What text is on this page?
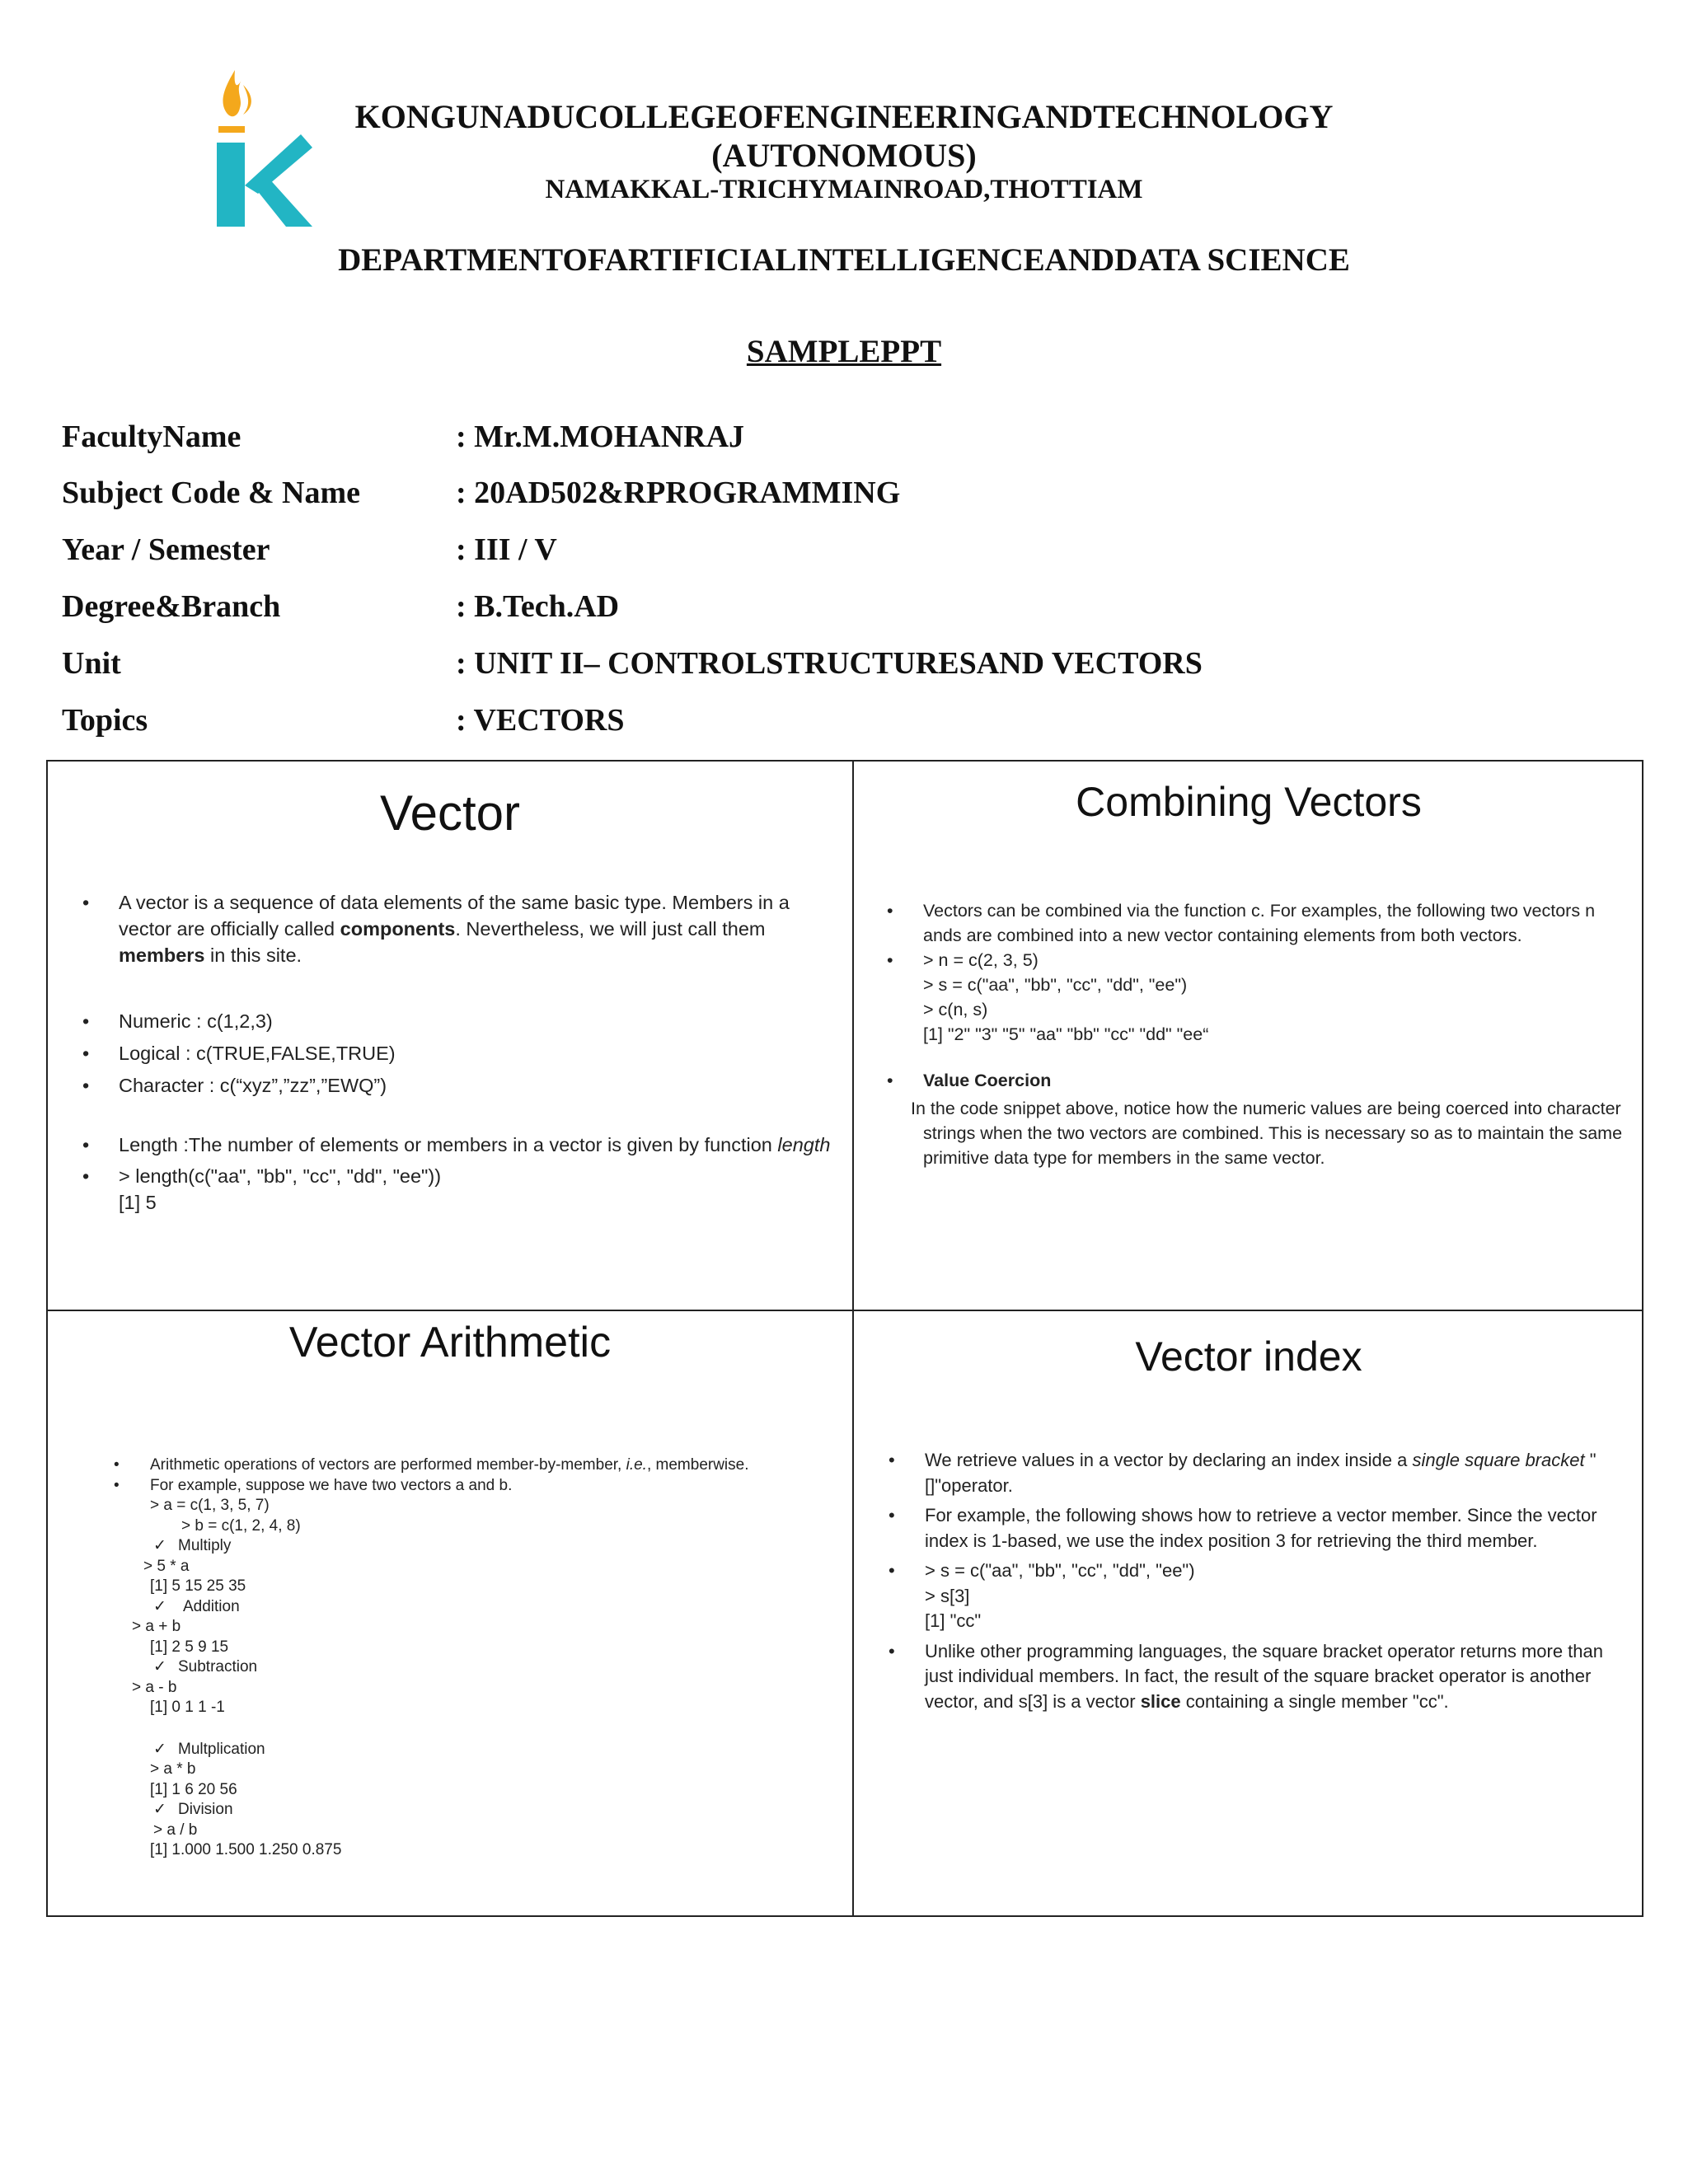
KONGUNADUCOLLEGEOFENGINEERINGANDTECHNOLOGY
(AUTONOMOUS)
NAMAKKAL-TRICHYMAINROAD,THOTTIAM
DEPARTMENTOFARTIFICIALINTELLIGENCEANDDATA SCIENCE
SAMPLEPPT
FacultyName	: Mr.M.MOHANRAJ
Subject Code & Name	: 20AD502&RPROGRAMMING
Year / Semester	: III / V
Degree&Branch	: B.Tech.AD
Unit	: UNIT II– CONTROLSTRUCTURESAND VECTORS
Topics	: VECTORS
Vector
• A vector is a sequence of data elements of the same basic type. Members in a vector are officially called components. Nevertheless, we will just call them members in this site.
• Numeric : c(1,2,3)
• Logical : c(TRUE,FALSE,TRUE)
• Character : c(“xyz”,”zz”,”EWQ”)
• Length :The number of elements or members in a vector is given by function length
• > length(c("aa", "bb", "cc", "dd", "ee"))
[1] 5
Combining Vectors
• Vectors can be combined via the function c. For examples, the following two vectors n ands are combined into a new vector containing elements from both vectors.
• > n = c(2, 3, 5)
> s = c("aa", "bb", "cc", "dd", "ee")
> c(n, s)
[1] "2" "3" "5" "aa" "bb" "cc" "dd" "ee“
• Value Coercion
In the code snippet above, notice how the numeric values are being coerced into character strings when the two vectors are combined. This is necessary so as to maintain the same primitive data type for members in the same vector.
Vector Arithmetic
• Arithmetic operations of vectors are performed member-by-member, i.e., memberwise.
• For example, suppose we have two vectors a and b.
> a = c(1, 3, 5, 7)
> b = c(1, 2, 4, 8)
✓ Multiply
> 5 * a
[1] 5 15 25 35
✓ Addition
> a + b
[1] 2 5 9 15
✓ Subtraction
> a - b
[1] 0 1 1 -1
✓ Multplication
> a * b
[1] 1 6 20 56
✓ Division
> a / b
[1] 1.000 1.500 1.250 0.875
Vector index
• We retrieve values in a vector by declaring an index inside a single square bracket "[]"operator.
• For example, the following shows how to retrieve a vector member. Since the vector index is 1-based, we use the index position 3 for retrieving the third member.
• > s = c("aa", "bb", "cc", "dd", "ee")
> s[3]
[1] "cc"
• Unlike other programming languages, the square bracket operator returns more than just individual members. In fact, the result of the square bracket operator is another vector, and s[3] is a vector slice containing a single member "cc".
